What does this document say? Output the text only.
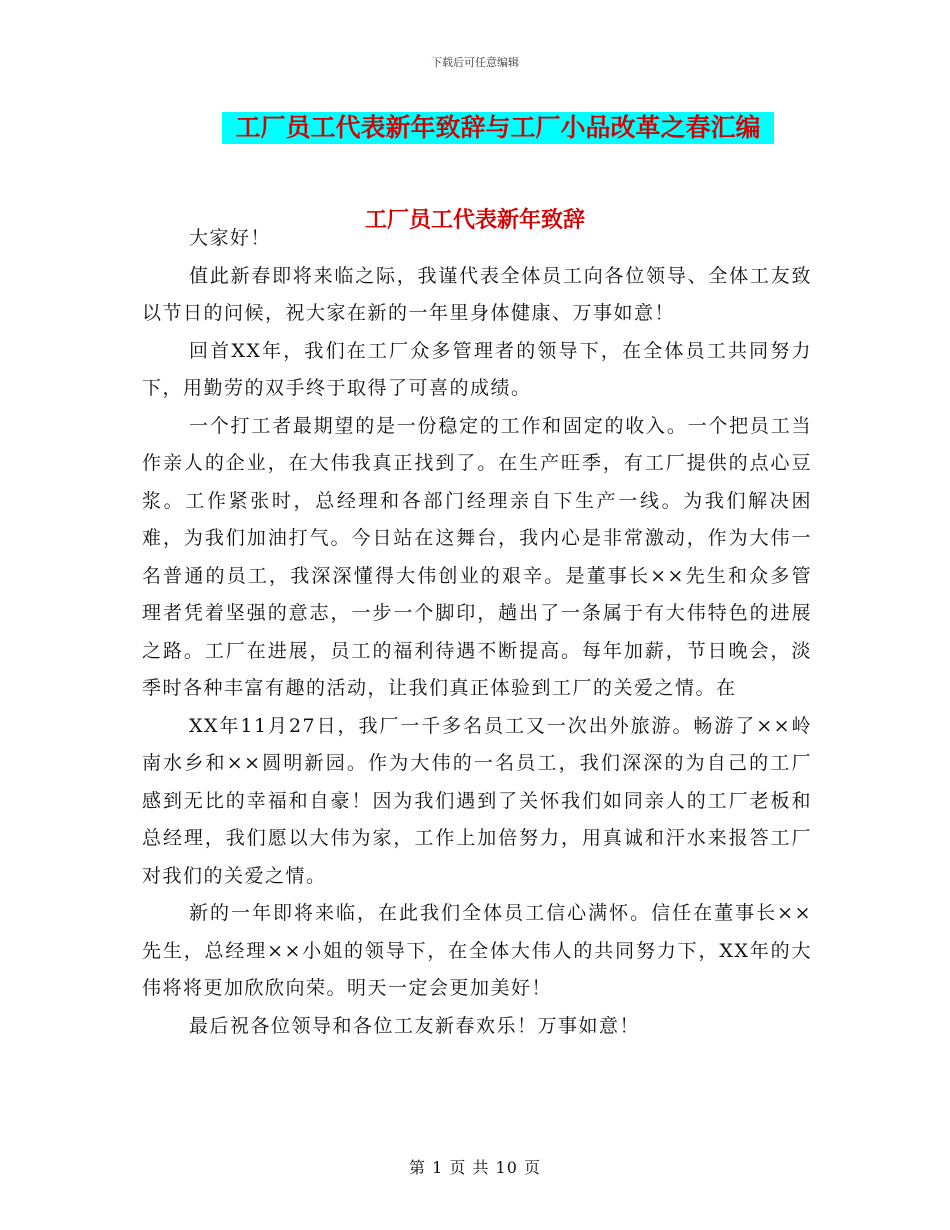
下载后可任意编辑
工厂员工代表新年致辞与工厂小品改革之春汇编
工厂员工代表新年致辞

大家好！

值此新春即将来临之际，我谨代表全体员工向各位领导、全体工友致以节日的问候，祝大家在新的一年里身体健康、万事如意！

回首XX年，我们在工厂众多管理者的领导下，在全体员工共同努力下，用勤劳的双手终于取得了可喜的成绩。

一个打工者最期望的是一份稳定的工作和固定的收入。一个把员工当作亲人的企业，在大伟我真正找到了。在生产旺季，有工厂提供的点心豆浆。工作紧张时，总经理和各部门经理亲自下生产一线。为我们解决困难，为我们加油打气。今日站在这舞台，我内心是非常激动，作为大伟一名普通的员工，我深深懂得大伟创业的艰辛。是董事长××先生和众多管理者凭着坚强的意志，一步一个脚印，趟出了一条属于有大伟特色的进展之路。工厂在进展，员工的福利待遇不断提高。每年加薪，节日晚会，淡季时各种丰富有趣的活动，让我们真正体验到工厂的关爱之情。在

XX年11月27日，我厂一千多名员工又一次出外旅游。畅游了××岭南水乡和××圆明新园。作为大伟的一名员工，我们深深的为自己的工厂感到无比的幸福和自豪！因为我们遇到了关怀我们如同亲人的工厂老板和总经理，我们愿以大伟为家，工作上加倍努力，用真诚和汗水来报答工厂对我们的关爱之情。

新的一年即将来临，在此我们全体员工信心满怀。信任在董事长××先生，总经理××小姐的领导下，在全体大伟人的共同努力下，XX年的大伟将将更加欣欣向荣。明天一定会更加美好！

最后祝各位领导和各位工友新春欢乐！万事如意！

第 1 页 共 10 页
